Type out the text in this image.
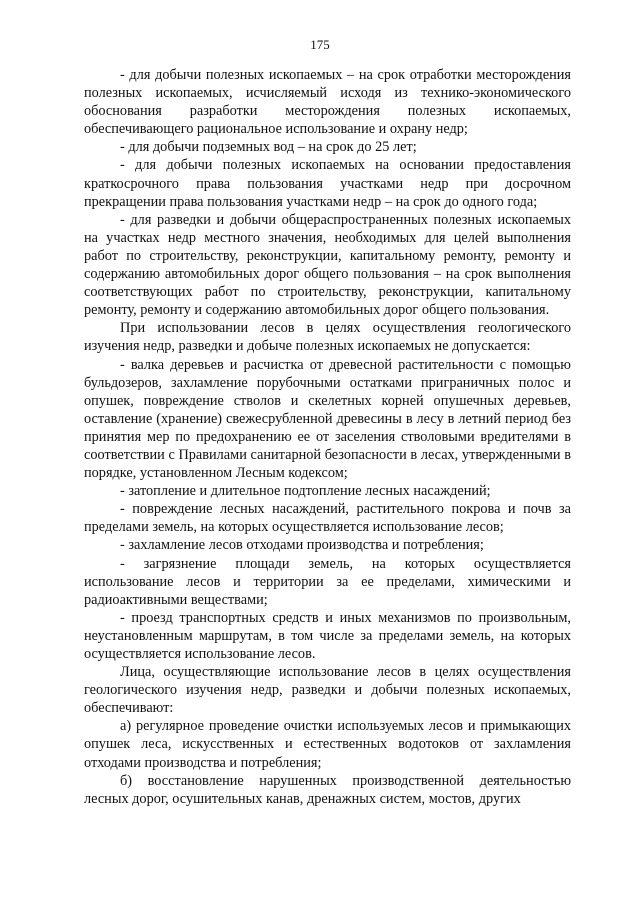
175

- для добычи полезных ископаемых – на срок отработки месторождения полезных ископаемых, исчисляемый исходя из технико-экономического обоснования разработки месторождения полезных ископаемых, обеспечивающего рациональное использование и охрану недр;

- для добычи подземных вод – на срок до 25 лет;

- для добычи полезных ископаемых на основании предоставления краткосрочного права пользования участками недр при досрочном прекращении права пользования участками недр – на срок до одного года;

- для разведки и добычи общераспространенных полезных ископаемых на участках недр местного значения, необходимых для целей выполнения работ по строительству, реконструкции, капитальному ремонту, ремонту и содержанию автомобильных дорог общего пользования – на срок выполнения соответствующих работ по строительству, реконструкции, капитальному ремонту, ремонту и содержанию автомобильных дорог общего пользования.

При использовании лесов в целях осуществления геологического изучения недр, разведки и добыче полезных ископаемых не допускается:

- валка деревьев и расчистка от древесной растительности с помощью бульдозеров, захламление порубочными остатками приграничных полос и опушек, повреждение стволов и скелетных корней опушечных деревьев, оставление (хранение) свежесрубленной древесины в лесу в летний период без принятия мер по предохранению ее от заселения стволовыми вредителями в соответствии с Правилами санитарной безопасности в лесах, утвержденными в порядке, установленном Лесным кодексом;

- затопление и длительное подтопление лесных насаждений;

- повреждение лесных насаждений, растительного покрова и почв за пределами земель, на которых осуществляется использование лесов;

- захламление лесов отходами производства и потребления;

- загрязнение площади земель, на которых осуществляется использование лесов и территории за ее пределами, химическими и радиоактивными веществами;

- проезд транспортных средств и иных механизмов по произвольным, неустановленным маршрутам, в том числе за пределами земель, на которых осуществляется использование лесов.

Лица, осуществляющие использование лесов в целях осуществления геологического изучения недр, разведки и добычи полезных ископаемых, обеспечивают:

а) регулярное проведение очистки используемых лесов и примыкающих опушек леса, искусственных и естественных водотоков от захламления отходами производства и потребления;

б) восстановление нарушенных производственной деятельностью лесных дорог, осушительных канав, дренажных систем, мостов, других
